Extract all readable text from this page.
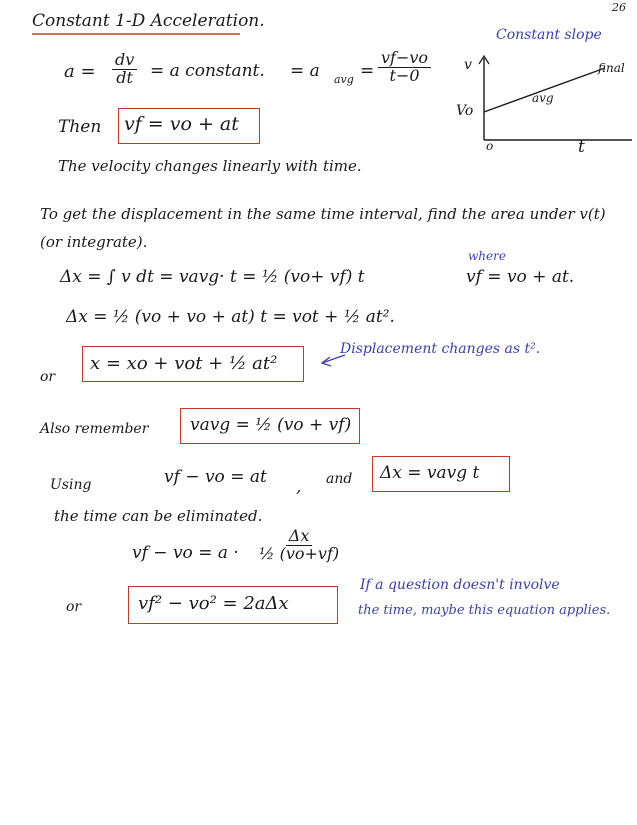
26
Constant 1-D Acceleration.
$a = \frac{dv}{dt} = a$ constant. = a avg = $\frac{vf-vo}{t-0}$
Constant slope
final
avg
v
Vo
o	t
Then vf = vo + at
The velocity changes linearly with time.
To get the displacement in the same time interval, find the area under v(t)
(or integrate).
Δx = ∫ v dt = vavg· t = ½ (vo+ vf) t
where
vf = vo + at.
Δx = ½ (vo + vo + at) t = vot + ½ at².
or
x = xo + vot + ½ at²
Displacement changes as t².
Also remember vavg = ½ (vo + vf)
Using	vf − vo = at , and Δx = vavg t
the time can be eliminated.
vf − vo = $a \cdot \frac{\Delta x}{\text{½ (vo+vf)}}$
or	vf² − vo² = 2aΔx
If a question doesn't involve
the time, maybe this equation applies.
